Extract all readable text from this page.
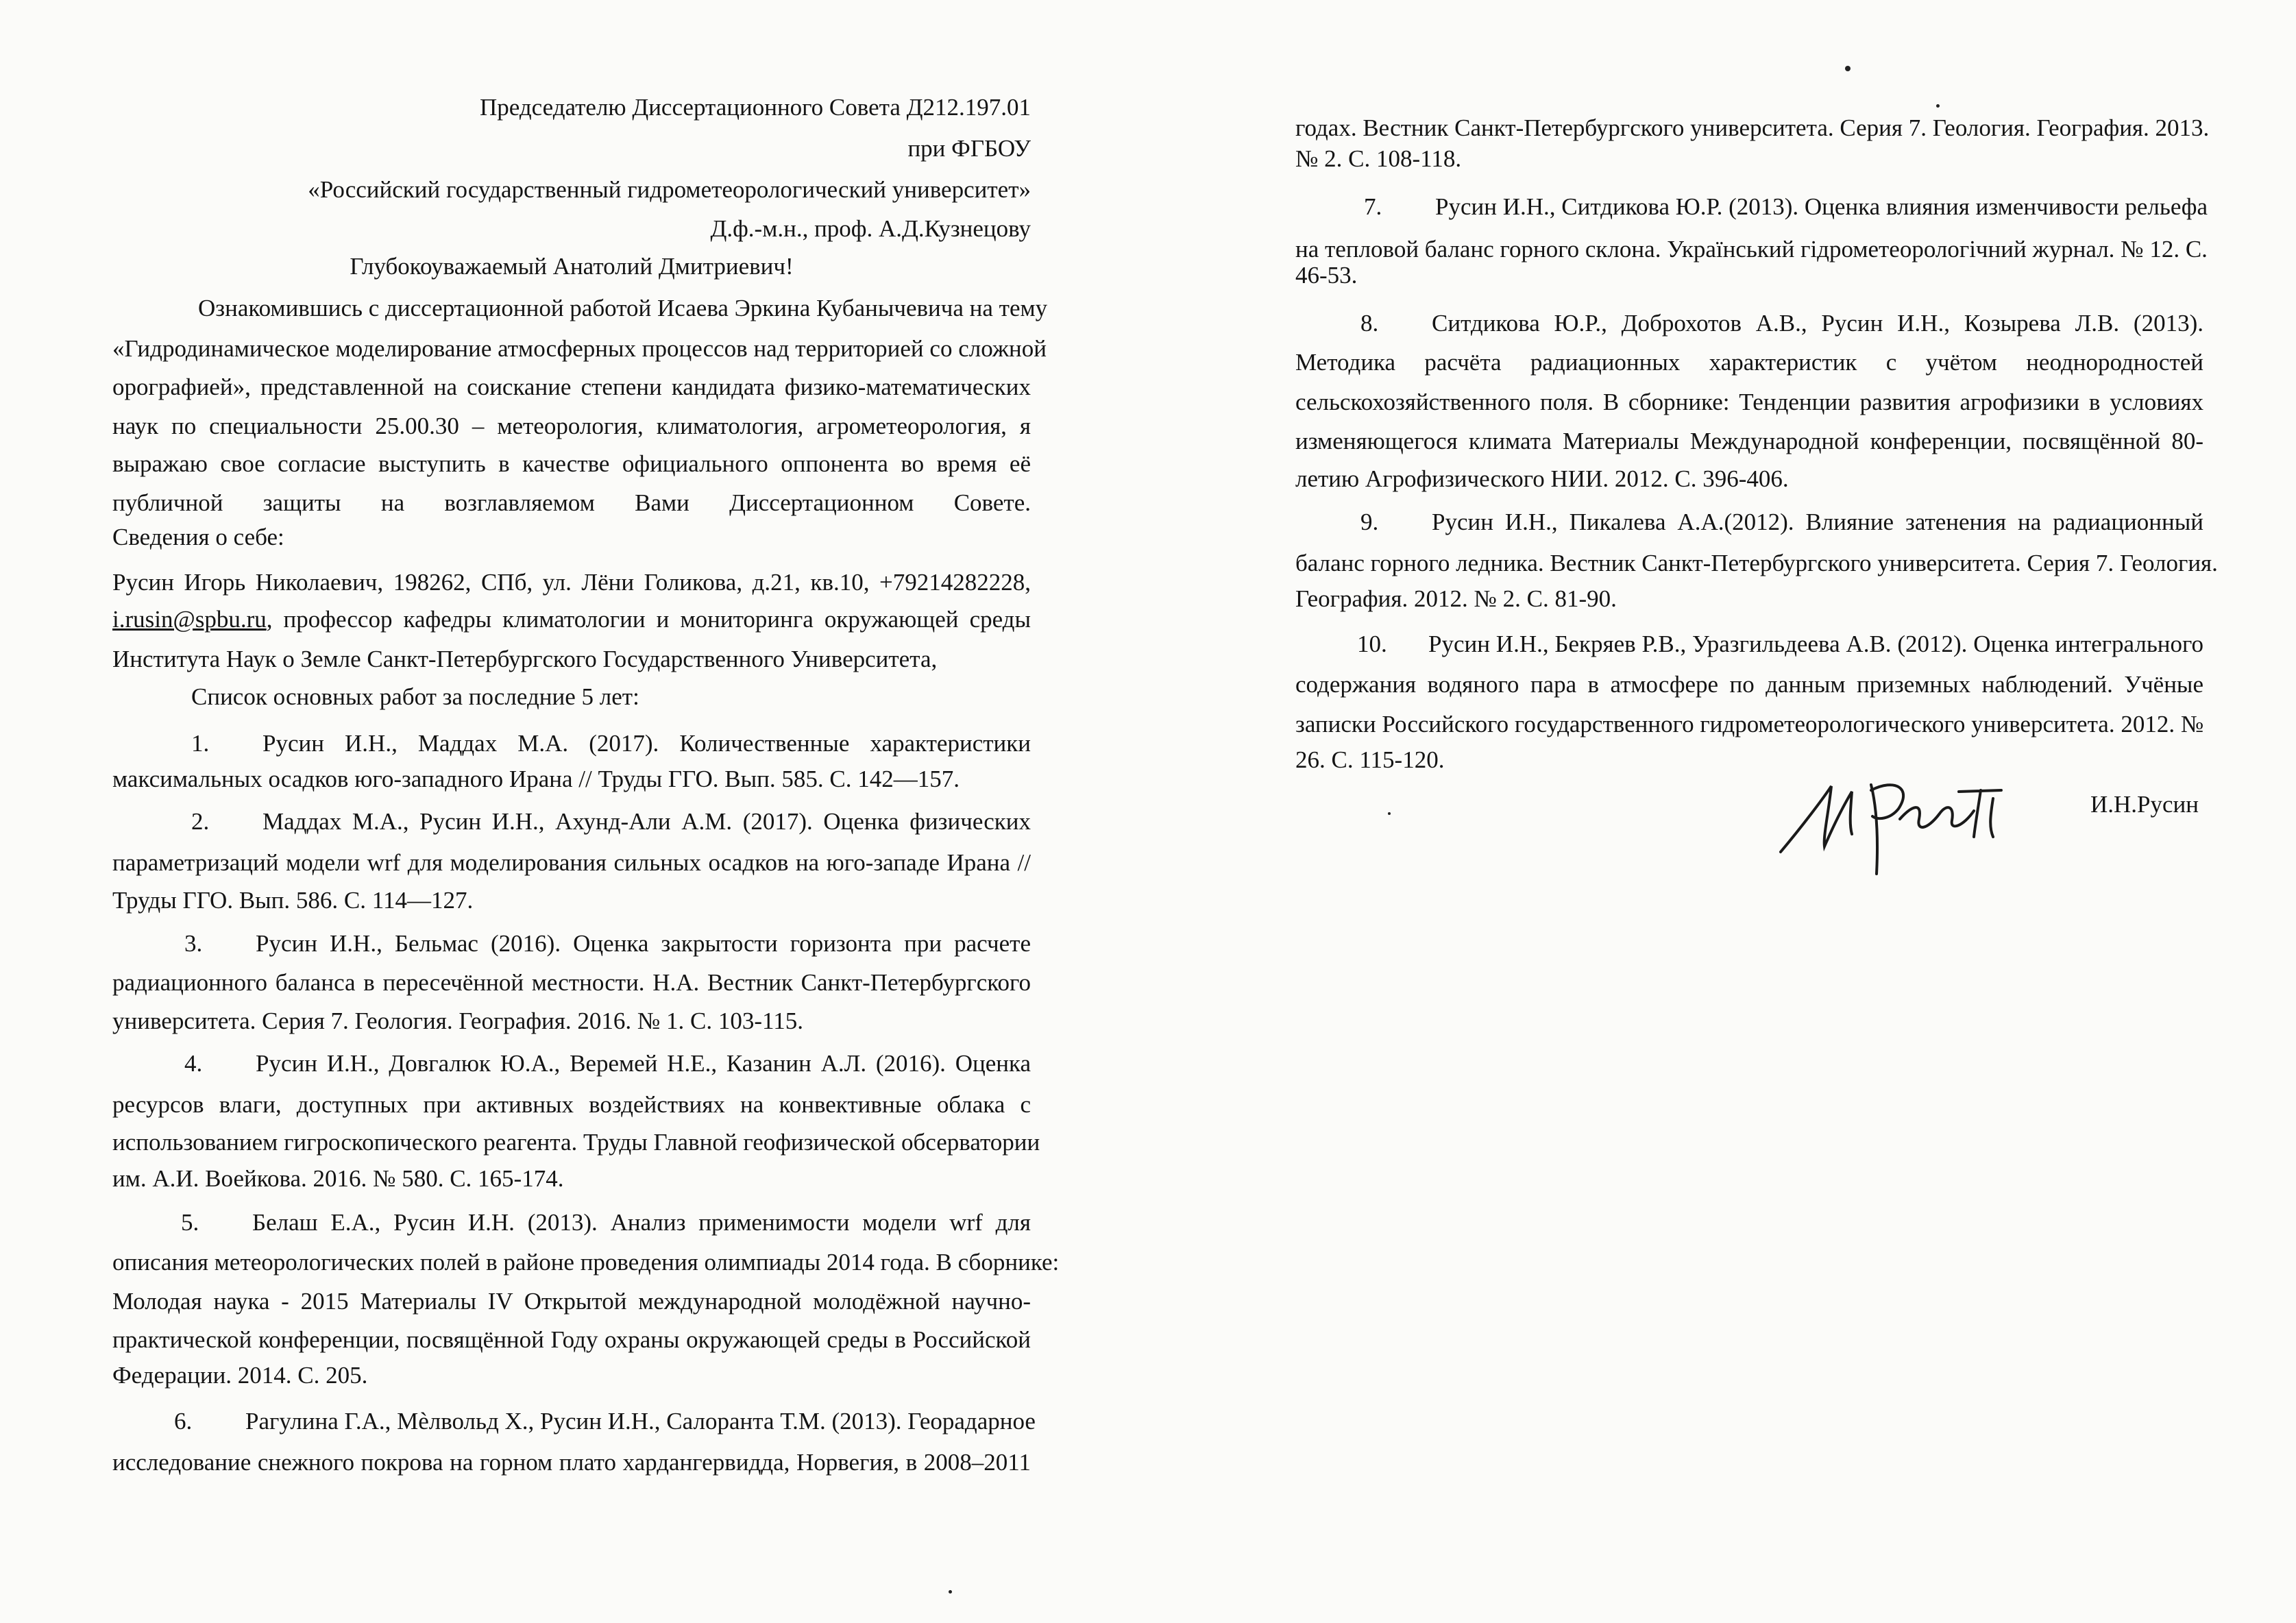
Председателю Диссертационного Совета Д212.197.01
при ФГБОУ
«Российский государственный гидрометеорологический университет»
Д.ф.-м.н., проф. А.Д.Кузнецову
Глубокоуважаемый Анатолий Дмитриевич!
Ознакомившись с диссертационной работой Исаева Эркина Кубанычевича на тему
«Гидродинамическое моделирование атмосферных процессов над территорией со сложной
орографией», представленной на соискание степени кандидата физико-математических
наук по специальности 25.00.30 – метеорология, климатология, агрометеорология, я
выражаю свое согласие выступить в качестве официального оппонента во время её
публичной защиты на возглавляемом Вами Диссертационном Совете.
Сведения о себе:
Русин Игорь Николаевич, 198262, СПб, ул. Лёни Голикова, д.21, кв.10, +79214282228,
i.rusin@spbu.ru, профессор кафедры климатологии и мониторинга окружающей среды
Института Наук о Земле Санкт-Петербургского Государственного Университета,
Список основных работ за последние 5 лет:
1. Русин И.Н., Маддах М.А. (2017). Количественные характеристики
максимальных осадков юго-западного Ирана // Труды ГГО. Вып. 585. С. 142—157.
2. Маддах М.А., Русин И.Н., Ахунд-Али А.М. (2017). Оценка физических
параметризаций модели wrf для моделирования сильных осадков на юго-западе Ирана //
Труды ГГО. Вып. 586. С. 114—127.
3. Русин И.Н., Бельмас (2016). Оценка закрытости горизонта при расчете
радиационного баланса в пересечённой местности. Н.А. Вестник Санкт-Петербургского
университета. Серия 7. Геология. География. 2016. № 1. С. 103-115.
4. Русин И.Н., Довгалюк Ю.А., Веремей Н.Е., Казанин А.Л. (2016). Оценка
ресурсов влаги, доступных при активных воздействиях на конвективные облака с
использованием гигроскопического реагента. Труды Главной геофизической обсерватории
им. А.И. Воейкова. 2016. № 580. С. 165-174.
5. Белаш Е.А., Русин И.Н. (2013). Анализ применимости модели wrf для
описания метеорологических полей в районе проведения олимпиады 2014 года. В сборнике:
Молодая наука - 2015 Материалы IV Открытой международной молодёжной научно-
практической конференции, посвящённой Году охраны окружающей среды в Российской
Федерации. 2014. С. 205.
6. Рагулина Г.А., Мѐлвольд Х., Русин И.Н., Салоранта Т.М. (2013). Георадарное
исследование снежного покрова на горном плато хардангервидда, Норвегия, в 2008–2011
годах. Вестник Санкт-Петербургского университета. Серия 7. Геология. География. 2013.
№ 2. С. 108-118.
7. Русин И.Н., Ситдикова Ю.Р. (2013). Оценка влияния изменчивости рельефа
на тепловой баланс горного склона. Український гідрометеорологічний журнал. № 12. С.
46-53.
8. Ситдикова Ю.Р., Доброхотов А.В., Русин И.Н., Козырева Л.В. (2013).
Методика расчёта радиационных характеристик с учётом неоднородностей
сельскохозяйственного поля. В сборнике: Тенденции развития агрофизики в условиях
изменяющегося климата Материалы Международной конференции, посвящённой 80-
летию Агрофизического НИИ. 2012. С. 396-406.
9. Русин И.Н., Пикалева А.А.(2012). Влияние затенения на радиационный
баланс горного ледника. Вестник Санкт-Петербургского университета. Серия 7. Геология.
География. 2012. № 2. С. 81-90.
10. Русин И.Н., Бекряев Р.В., Уразгильдеева А.В. (2012). Оценка интегрального
содержания водяного пара в атмосфере по данным приземных наблюдений. Учёные
записки Российского государственного гидрометеорологического университета. 2012. №
26. С. 115-120.
И.Н.Русин
